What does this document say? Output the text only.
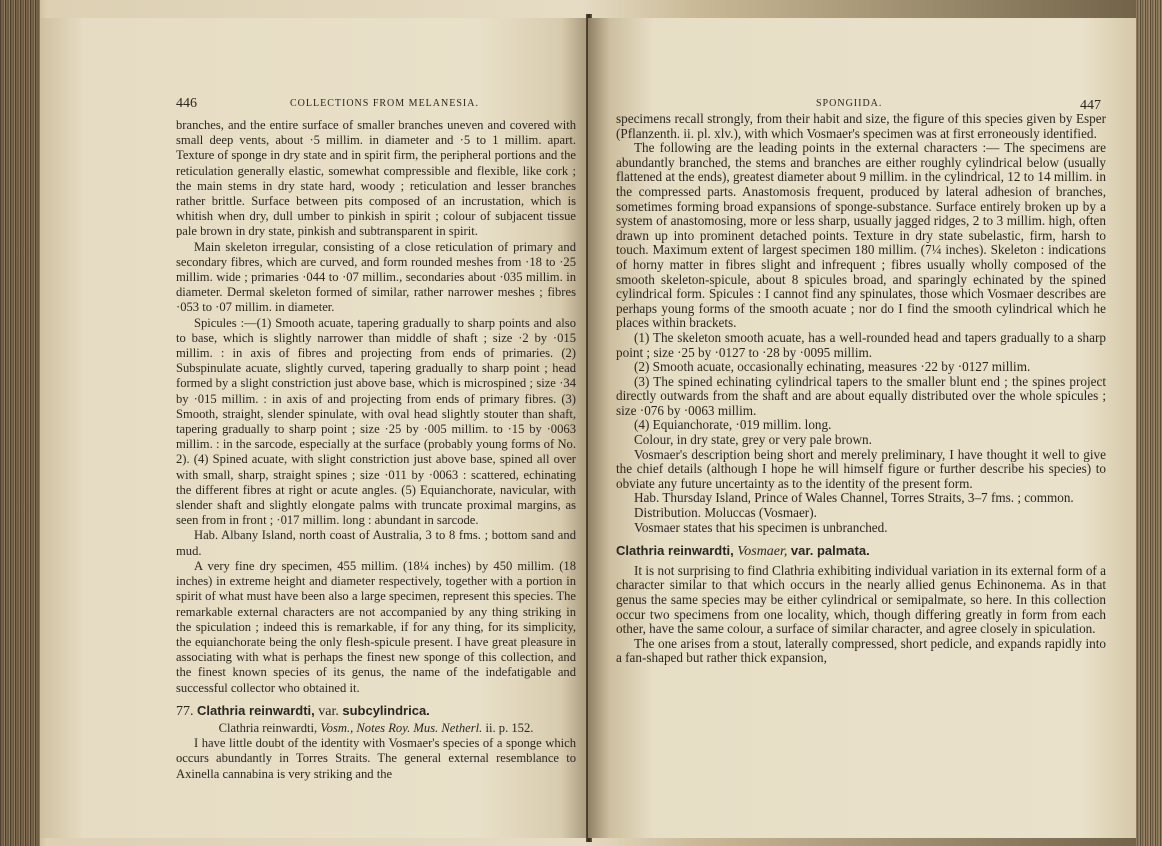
446	COLLECTIONS FROM MELANESIA.

branches, and the entire surface of smaller branches uneven and covered with small deep vents, about ·5 millim. in diameter and ·5 to 1 millim. apart. Texture of sponge in dry state and in spirit firm, the peripheral portions and the reticulation generally elastic, somewhat compressible and flexible, like cork ; the main stems in dry state hard, woody ; reticulation and lesser branches rather brittle. Surface between pits composed of an incrustation, which is whitish when dry, dull umber to pinkish in spirit ; colour of subjacent tissue pale brown in dry state, pinkish and subtransparent in spirit.

Main skeleton irregular, consisting of a close reticulation of primary and secondary fibres, which are curved, and form rounded meshes from ·18 to ·25 millim. wide ; primaries ·044 to ·07 millim., secondaries about ·035 millim. in diameter. Dermal skeleton formed of similar, rather narrower meshes ; fibres ·053 to ·07 millim. in diameter.

Spicules :—(1) Smooth acuate, tapering gradually to sharp points and also to base, which is slightly narrower than middle of shaft ; size ·2 by ·015 millim. : in axis of fibres and projecting from ends of primaries. (2) Subspinulate acuate, slightly curved, tapering gradually to sharp point ; head formed by a slight constriction just above base, which is microspined ; size ·34 by ·015 millim. : in axis of and projecting from ends of primary fibres. (3) Smooth, straight, slender spinulate, with oval head slightly stouter than shaft, tapering gradually to sharp point ; size ·25 by ·005 millim. to ·15 by ·0063 millim. : in the sarcode, especially at the surface (probably young forms of No. 2). (4) Spined acuate, with slight constriction just above base, spined all over with small, sharp, straight spines ; size ·011 by ·0063 : scattered, echinating the different fibres at right or acute angles. (5) Equianchorate, navicular, with slender shaft and slightly elongate palms with truncate proximal margins, as seen from in front ; ·017 millim. long : abundant in sarcode.

Hab. Albany Island, north coast of Australia, 3 to 8 fms. ; bottom sand and mud.

A very fine dry specimen, 455 millim. (18¼ inches) by 450 millim. (18 inches) in extreme height and diameter respectively, together with a portion in spirit of what must have been also a large specimen, represent this species. The remarkable external characters are not accompanied by any thing striking in the spiculation ; indeed this is remarkable, if for any thing, for its simplicity, the equianchorate being the only flesh-spicule present. I have great pleasure in associating with what is perhaps the finest new sponge of this collection, and the finest known species of its genus, the name of the indefatigable and successful collector who obtained it.

77. Clathria reinwardti, var. subcylindrica.

Clathria reinwardti, Vosm., Notes Roy. Mus. Netherl. ii. p. 152.

I have little doubt of the identity with Vosmaer's species of a sponge which occurs abundantly in Torres Straits. The general external resemblance to Axinella cannabina is very striking and the

SPONGIIDA.	447

specimens recall strongly, from their habit and size, the figure of this species given by Esper (Pflanzenth. ii. pl. xlv.), with which Vosmaer's specimen was at first erroneously identified.

The following are the leading points in the external characters :— The specimens are abundantly branched, the stems and branches are either roughly cylindrical below (usually flattened at the ends), greatest diameter about 9 millim. in the cylindrical, 12 to 14 millim. in the compressed parts. Anastomosis frequent, produced by lateral adhesion of branches, sometimes forming broad expansions of sponge-substance. Surface entirely broken up by a system of anastomosing, more or less sharp, usually jagged ridges, 2 to 3 millim. high, often drawn up into prominent detached points. Texture in dry state subelastic, firm, harsh to touch. Maximum extent of largest specimen 180 millim. (7¼ inches). Skeleton : indications of horny matter in fibres slight and infrequent ; fibres usually wholly composed of the smooth skeleton-spicule, about 8 spicules broad, and sparingly echinated by the spined cylindrical form. Spicules : I cannot find any spinulates, those which Vosmaer describes are perhaps young forms of the smooth acuate ; nor do I find the smooth cylindrical which he places within brackets.

(1) The skeleton smooth acuate, has a well-rounded head and tapers gradually to a sharp point ; size ·25 by ·0127 to ·28 by ·0095 millim.

(2) Smooth acuate, occasionally echinating, measures ·22 by ·0127 millim.

(3) The spined echinating cylindrical tapers to the smaller blunt end ; the spines project directly outwards from the shaft and are about equally distributed over the whole spicules ; size ·076 by ·0063 millim.

(4) Equianchorate, ·019 millim. long.

Colour, in dry state, grey or very pale brown.

Vosmaer's description being short and merely preliminary, I have thought it well to give the chief details (although I hope he will himself figure or further describe his species) to obviate any future uncertainty as to the identity of the present form.

Hab. Thursday Island, Prince of Wales Channel, Torres Straits, 3–7 fms. ; common.

Distribution. Moluccas (Vosmaer).

Vosmaer states that his specimen is unbranched.

Clathria reinwardti, Vosmaer, var. palmata.

It is not surprising to find Clathria exhibiting individual variation in its external form of a character similar to that which occurs in the nearly allied genus Echinonema. As in that genus the same species may be either cylindrical or semipalmate, so here. In this collection occur two specimens from one locality, which, though differing greatly in form from each other, have the same colour, a surface of similar character, and agree closely in spiculation.

The one arises from a stout, laterally compressed, short pedicle, and expands rapidly into a fan-shaped but rather thick expansion,
